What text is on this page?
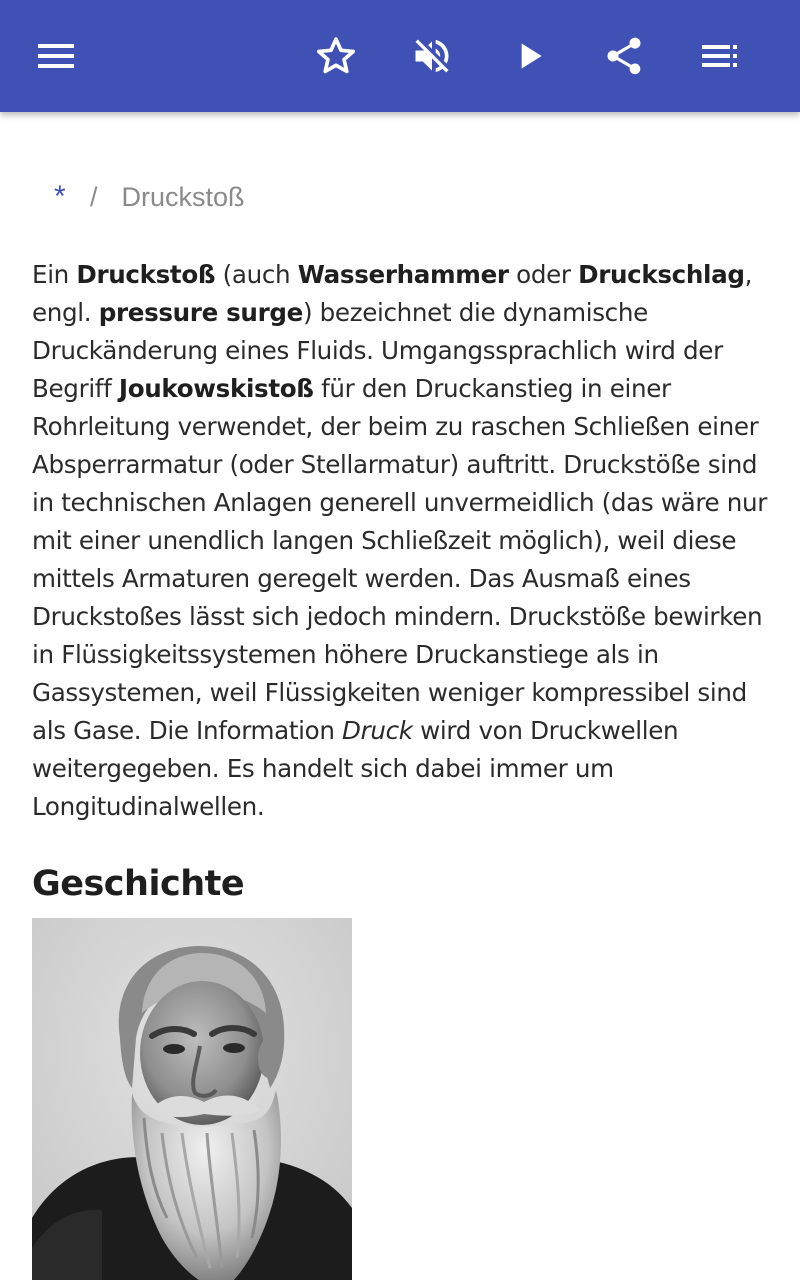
* / Druckstoß
Ein Druckstoß (auch Wasserhammer oder Druckschlag, engl. pressure surge) bezeichnet die dynamische Druckänderung eines Fluids. Umgangssprachlich wird der Begriff Joukowskistoß für den Druckanstieg in einer Rohrleitung verwendet, der beim zu raschen Schließen einer Absperrarmatur (oder Stellarmatur) auftritt. Druckstöße sind in technischen Anlagen generell unvermeidlich (das wäre nur mit einer unendlich langen Schließzeit möglich), weil diese mittels Armaturen geregelt werden. Das Ausmaß eines Druckstoßes lässt sich jedoch mindern. Druckstöße bewirken in Flüssigkeitssystemen höhere Druckanstiege als in Gassystemen, weil Flüssigkeiten weniger kompressibel sind als Gase. Die Information Druck wird von Druckwellen weitergegeben. Es handelt sich dabei immer um Longitudinalwellen.
Geschichte
